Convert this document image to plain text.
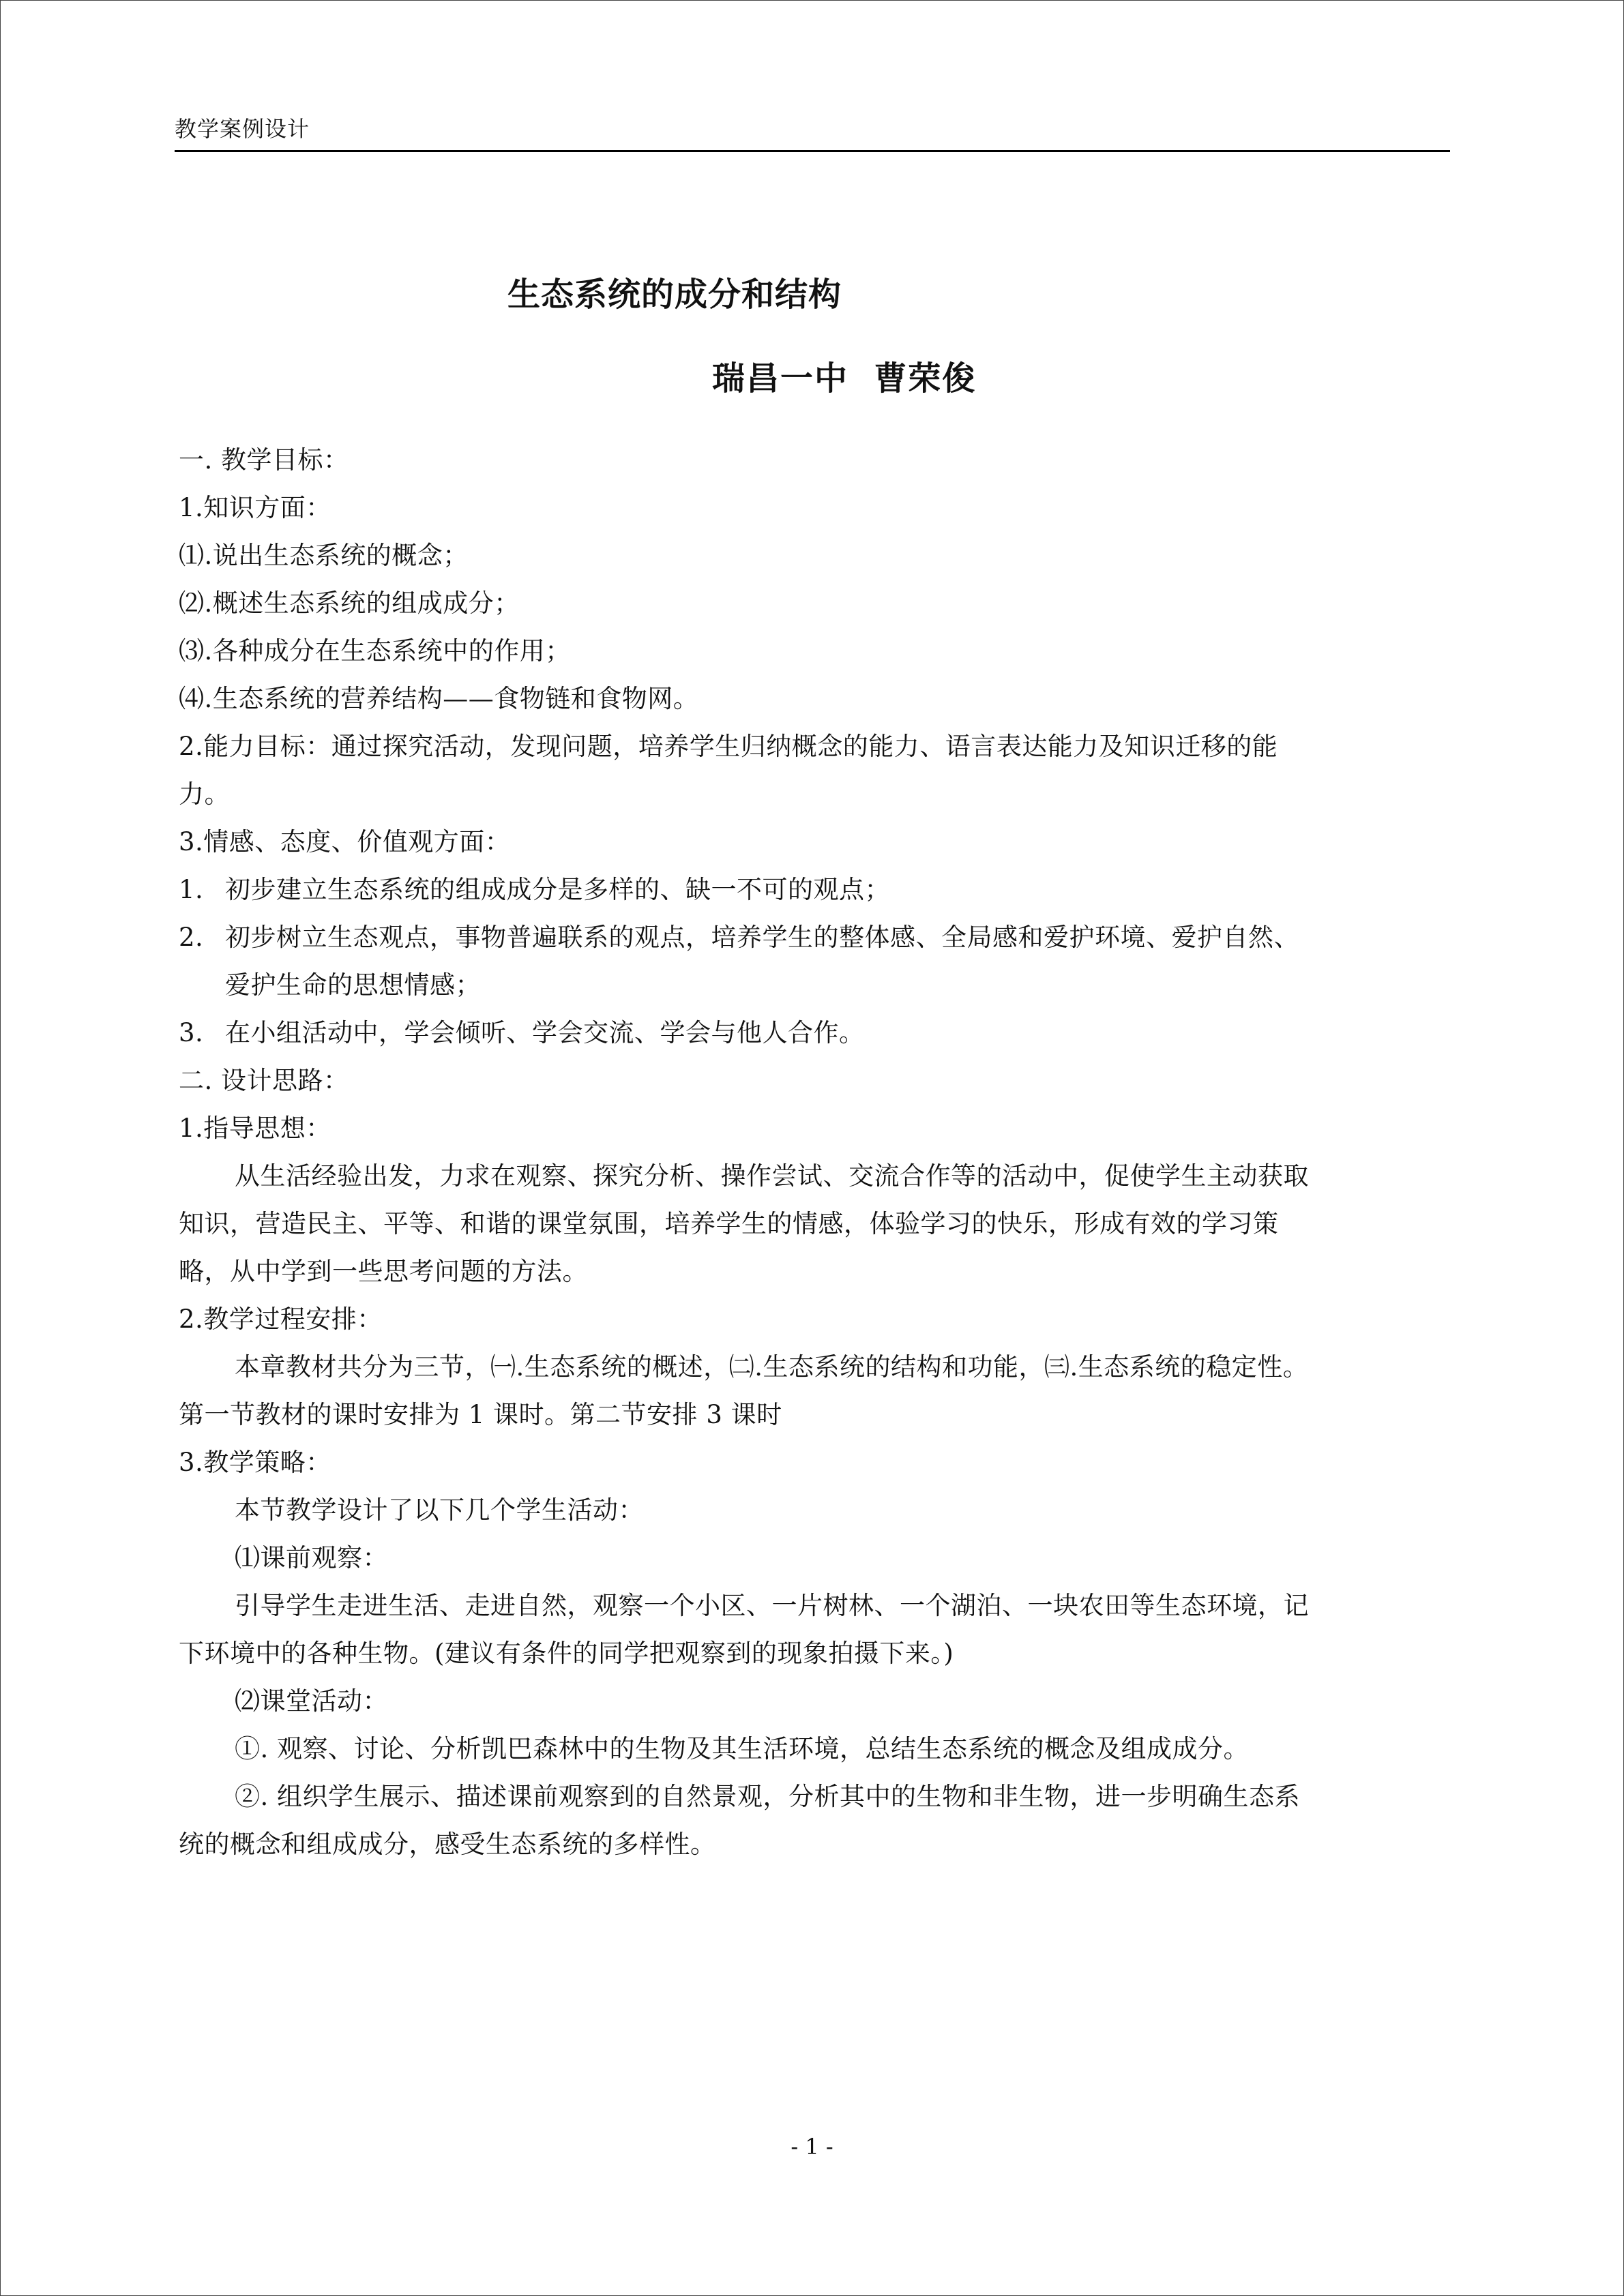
教学案例设计
生态系统的成分和结构
瑞昌一中  曹荣俊
一. 教学目标：
1.知识方面：
⑴.说出生态系统的概念；
⑵.概述生态系统的组成成分；
⑶.各种成分在生态系统中的作用；
⑷.生态系统的营养结构——食物链和食物网。
2.能力目标：通过探究活动，发现问题，培养学生归纳概念的能力、语言表达能力及知识迁移的能
力。
3.情感、态度、价值观方面：
1. 初步建立生态系统的组成成分是多样的、缺一不可的观点；
2. 初步树立生态观点，事物普遍联系的观点，培养学生的整体感、全局感和爱护环境、爱护自然、
爱护生命的思想情感；
3. 在小组活动中，学会倾听、学会交流、学会与他人合作。
二. 设计思路：
1.指导思想：
从生活经验出发，力求在观察、探究分析、操作尝试、交流合作等的活动中，促使学生主动获取
知识，营造民主、平等、和谐的课堂氛围，培养学生的情感，体验学习的快乐，形成有效的学习策
略，从中学到一些思考问题的方法。
2.教学过程安排：
本章教材共分为三节，㈠.生态系统的概述，㈡.生态系统的结构和功能，㈢.生态系统的稳定性。
第一节教材的课时安排为 1 课时。第二节安排 3 课时
3.教学策略：
本节教学设计了以下几个学生活动：
⑴课前观察：
引导学生走进生活、走进自然，观察一个小区、一片树林、一个湖泊、一块农田等生态环境，记
下环境中的各种生物。(建议有条件的同学把观察到的现象拍摄下来。)
⑵课堂活动：
①. 观察、讨论、分析凯巴森林中的生物及其生活环境，总结生态系统的概念及组成成分。
②. 组织学生展示、描述课前观察到的自然景观，分析其中的生物和非生物，进一步明确生态系
统的概念和组成成分，感受生态系统的多样性。
- 1 -
